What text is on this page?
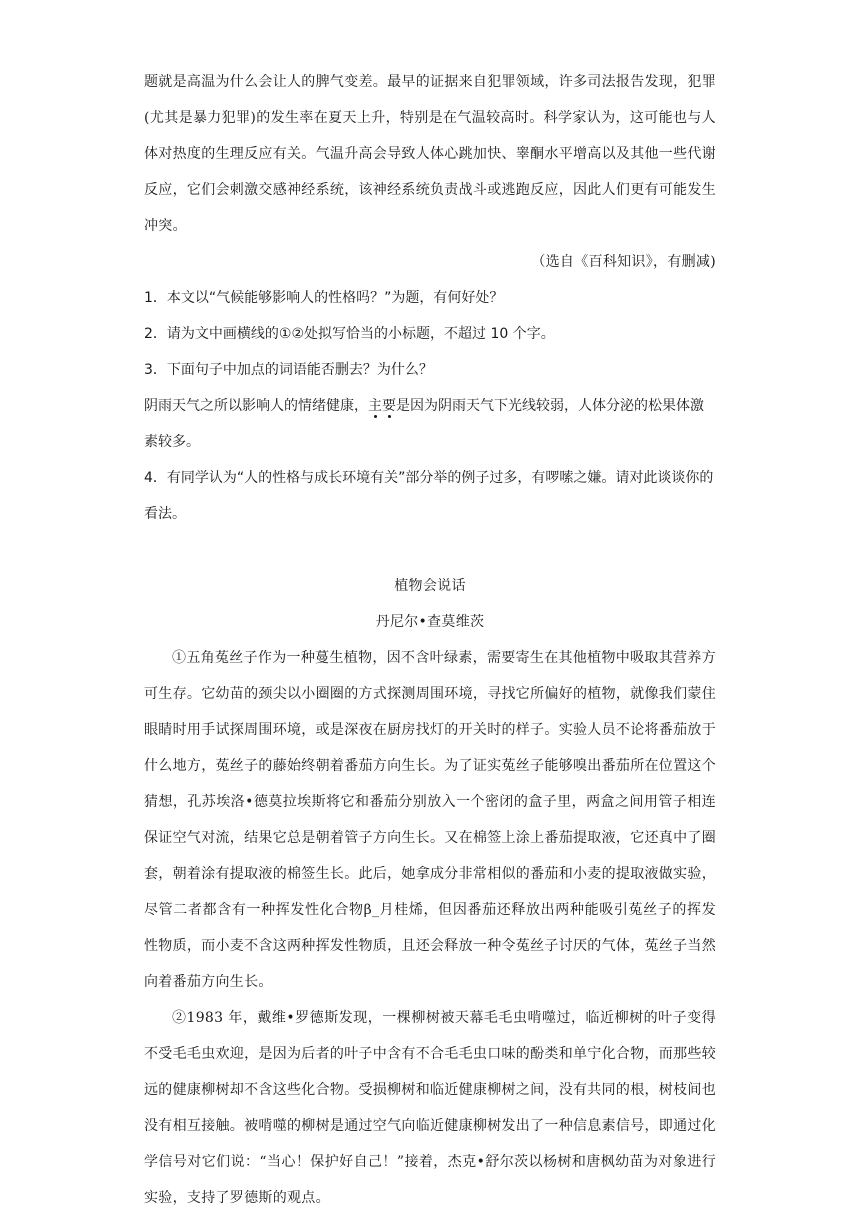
题就是高温为什么会让人的脾气变差。最早的证据来自犯罪领域，许多司法报告发现，犯罪(尤其是暴力犯罪)的发生率在夏天上升，特别是在气温较高时。科学家认为，这可能也与人体对热度的生理反应有关。气温升高会导致人体心跳加快、睾酮水平增高以及其他一些代谢反应，它们会刺激交感神经系统，该神经系统负责战斗或逃跑反应，因此人们更有可能发生冲突。

（选自《百科知识》，有删减)

1．本文以“气候能够影响人的性格吗？”为题，有何好处？

2．请为文中画横线的①②处拟写恰当的小标题，不超过 10 个字。

3．下面句子中加点的词语能否删去？为什么？

阴雨天气之所以影响人的情绪健康，主要是因为阴雨天气下光线较弱，人体分泌的松果体激素较多。

4．有同学认为“人的性格与成长环境有关”部分举的例子过多，有啰嗦之嫌。请对此谈谈你的看法。

植物会说话

丹尼尔•查莫维茨

①五角菟丝子作为一种蔓生植物，因不含叶绿素，需要寄生在其他植物中吸取其营养方可生存。它幼苗的颈尖以小圈圈的方式探测周围环境，寻找它所偏好的植物，就像我们蒙住眼睛时用手试探周围环境，或是深夜在厨房找灯的开关时的样子。实验人员不论将番茄放于什么地方，菟丝子的藤始终朝着番茄方向生长。为了证实菟丝子能够嗅出番茄所在位置这个猜想，孔苏埃洛•德莫拉埃斯将它和番茄分别放入一个密闭的盒子里，两盒之间用管子相连保证空气对流，结果它总是朝着管子方向生长。又在棉签上涂上番茄提取液，它还真中了圈套，朝着涂有提取液的棉签生长。此后，她拿成分非常相似的番茄和小麦的提取液做实验，尽管二者都含有一种挥发性化合物β_月桂烯，但因番茄还释放出两种能吸引菟丝子的挥发性物质，而小麦不含这两种挥发性物质，且还会释放一种令菟丝子讨厌的气体，菟丝子当然向着番茄方向生长。

②1983 年，戴维•罗德斯发现，一棵柳树被天幕毛毛虫啃噬过，临近柳树的叶子变得不受毛毛虫欢迎，是因为后者的叶子中含有不合毛毛虫口味的酚类和单宁化合物，而那些较远的健康柳树却不含这些化合物。受损柳树和临近健康柳树之间，没有共同的根，树枝间也没有相互接触。被啃噬的柳树是通过空气向临近健康柳树发出了一种信息素信号，即通过化学信号对它们说：“当心！保护好自己！”接着，杰克•舒尔茨以杨树和唐枫幼苗为对象进行实验，支持了罗德斯的观点。
